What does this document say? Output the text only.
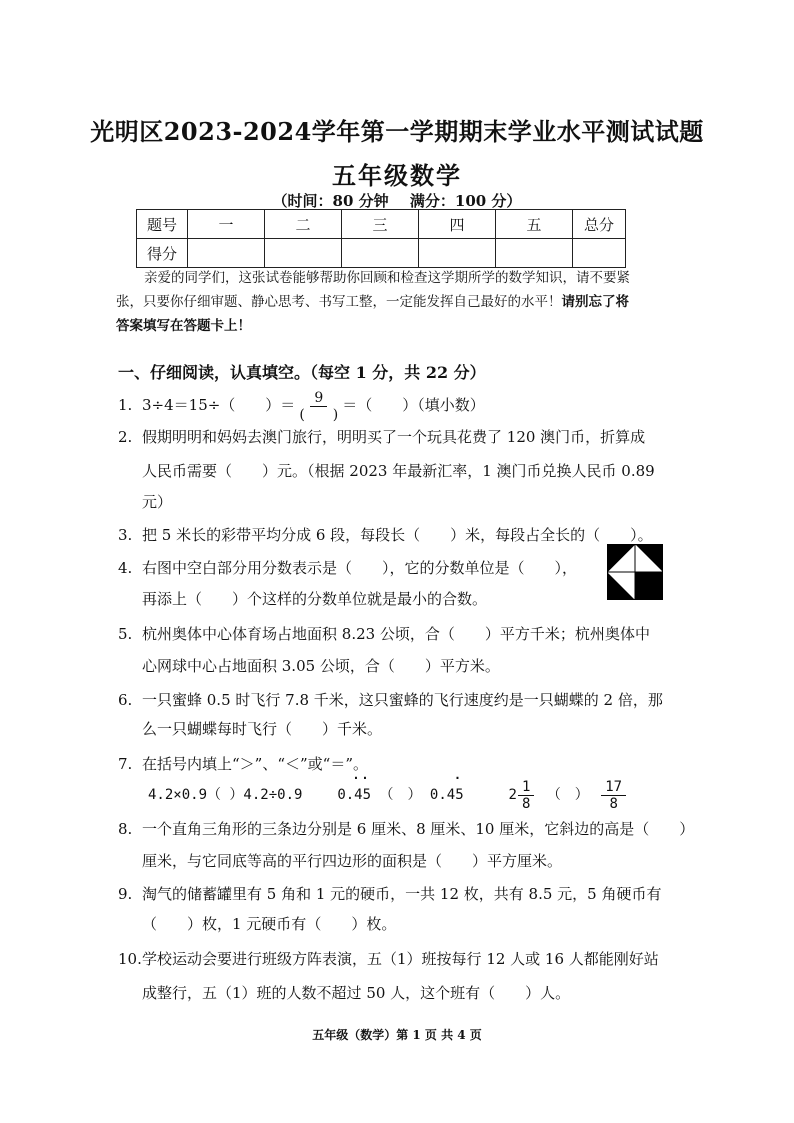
光明区2023-2024学年第一学期期末学业水平测试试题
五年级数学
（时间：80 分钟 满分：100 分）
题号	一	二	三	四	五	总分
得分						

亲爱的同学们，这张试卷能够帮助你回顾和检查这学期所学的数学知识，请不要紧

张，只要你仔细审题、静心思考、书写工整，一定能发挥自己最好的水平！请别忘了将

答案填写在答题卡上！

一、仔细阅读，认真填空。（每空 1 分，共 22 分）
1. 3÷4＝15÷（　　）＝ $\frac{9}{( )}$ ＝（　　）（填小数）
2. 假期明明和妈妈去澳门旅行，明明买了一个玩具花费了 120 澳门币，折算成
人民币需要（　　）元。（根据 2023 年最新汇率，1 澳门币兑换人民币 0.89
元）
3. 把 5 米长的彩带平均分成 6 段，每段长（　　）米，每段占全长的（　　）。
4. 右图中空白部分用分数表示是（　　），它的分数单位是（　　），
再添上（　　）个这样的分数单位就是最小的合数。
5. 杭州奥体中心体育场占地面积 8.23 公顷，合（　　）平方千米；杭州奥体中
心网球中心占地面积 3.05 公顷，合（　　）平方米。
6. 一只蜜蜂 0.5 时飞行 7.8 千米，这只蜜蜂的飞行速度约是一只蝴蝶的 2 倍，那
么一只蝴蝶每时飞行（　　）千米。
7. 在括号内填上“＞”、“＜”或“＝”。
4.2×0.9（ ）4.2÷0.9 0.45
· ·
（　） 0.45
·
$2 \frac{1}{8}$ （　） $\frac{17}{8}$
8. 一个直角三角形的三条边分别是 6 厘米、8 厘米、10 厘米，它斜边的高是（　　）
厘米，与它同底等高的平行四边形的面积是（　　）平方厘米。
9. 淘气的储蓄罐里有 5 角和 1 元的硬币，一共 12 枚，共有 8.5 元，5 角硬币有
（　　）枚，1 元硬币有（　　）枚。
10.学校运动会要进行班级方阵表演，五（1）班按每行 12 人或 16 人都能刚好站
成整行，五（1）班的人数不超过 50 人，这个班有（　　）人。
五年级（数学）第 1 页 共 4 页
